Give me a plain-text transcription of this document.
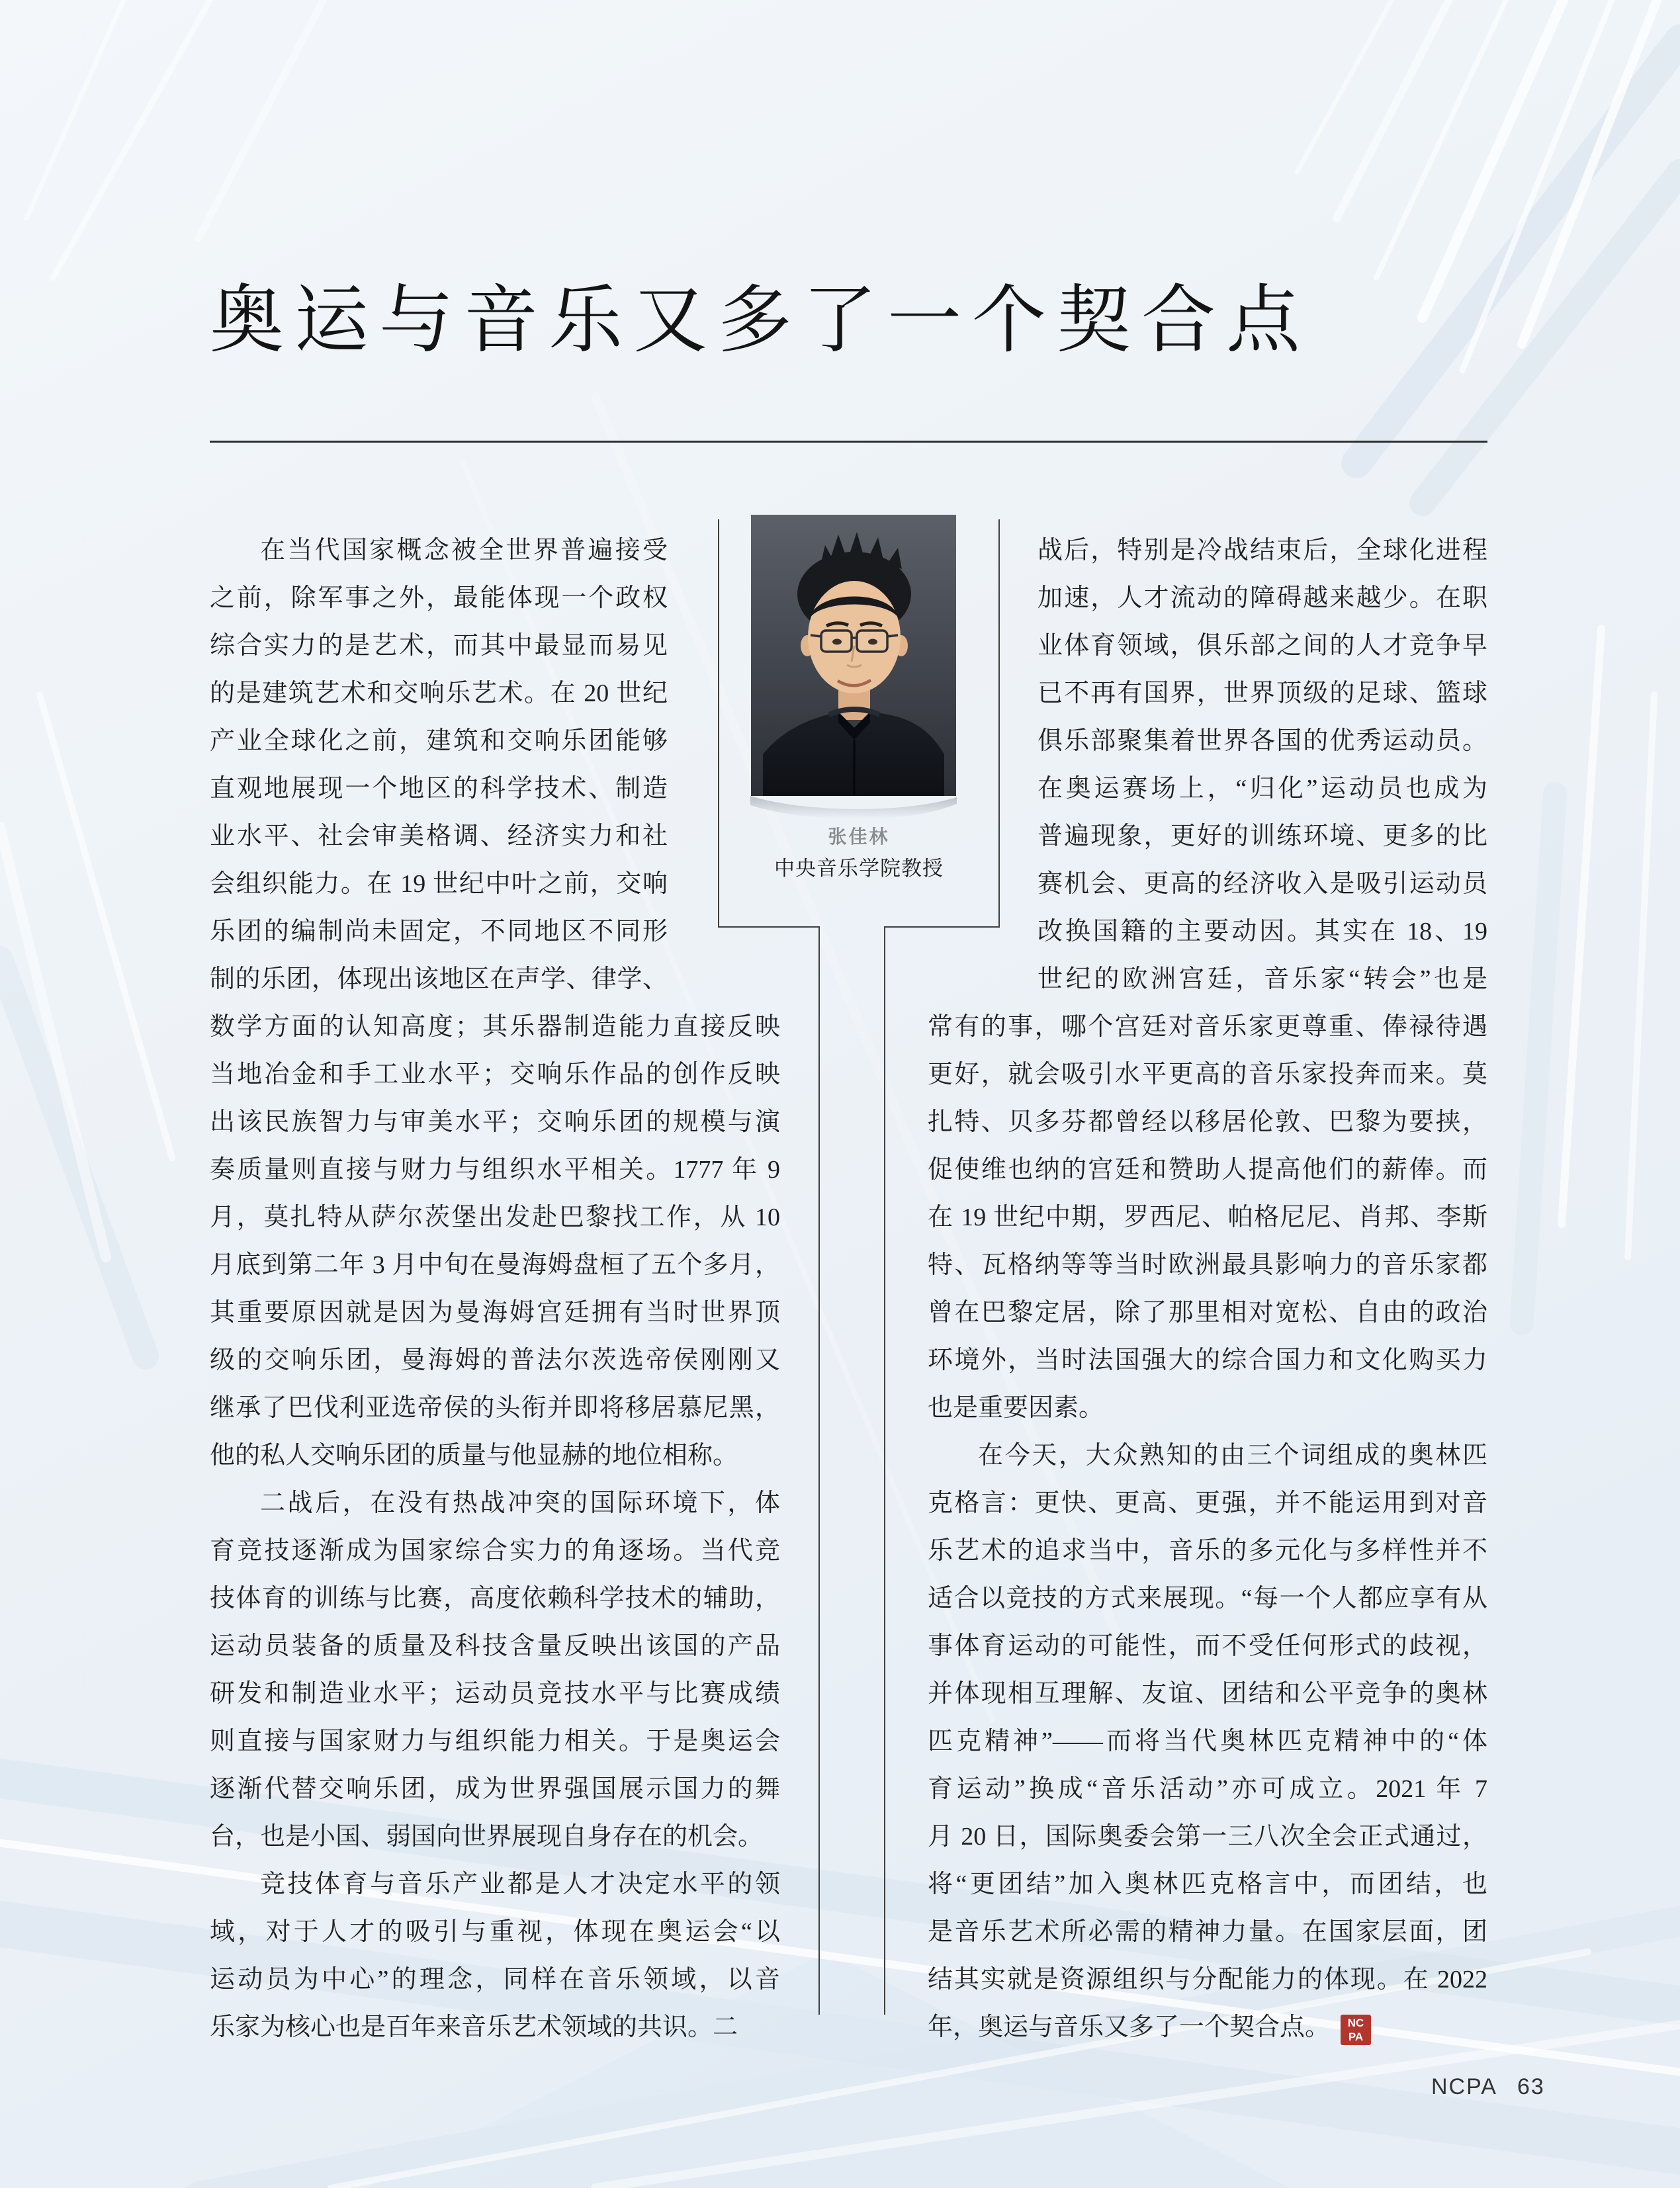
奥运与音乐又多了一个契合点
在当代国家概念被全世界普遍接受
之前，除军事之外，最能体现一个政权
综合实力的是艺术，而其中最显而易见
的是建筑艺术和交响乐艺术。在 20 世纪
产业全球化之前，建筑和交响乐团能够
直观地展现一个地区的科学技术、制造
业水平、社会审美格调、经济实力和社
会组织能力。在 19 世纪中叶之前，交响
乐团的编制尚未固定，不同地区不同形
制的乐团，体现出该地区在声学、律学、
数学方面的认知高度；其乐器制造能力直接反映
当地冶金和手工业水平；交响乐作品的创作反映
出该民族智力与审美水平；交响乐团的规模与演
奏质量则直接与财力与组织水平相关。1777 年 9
月，莫扎特从萨尔茨堡出发赴巴黎找工作，从 10
月底到第二年 3 月中旬在曼海姆盘桓了五个多月，
其重要原因就是因为曼海姆宫廷拥有当时世界顶
级的交响乐团，曼海姆的普法尔茨选帝侯刚刚又
继承了巴伐利亚选帝侯的头衔并即将移居慕尼黑，
他的私人交响乐团的质量与他显赫的地位相称。
二战后，在没有热战冲突的国际环境下，体
育竞技逐渐成为国家综合实力的角逐场。当代竞
技体育的训练与比赛，高度依赖科学技术的辅助，
运动员装备的质量及科技含量反映出该国的产品
研发和制造业水平；运动员竞技水平与比赛成绩
则直接与国家财力与组织能力相关。于是奥运会
逐渐代替交响乐团，成为世界强国展示国力的舞
台，也是小国、弱国向世界展现自身存在的机会。
竞技体育与音乐产业都是人才决定水平的领
域，对于人才的吸引与重视，体现在奥运会“以
运动员为中心”的理念，同样在音乐领域，以音
乐家为核心也是百年来音乐艺术领域的共识。二
战后，特别是冷战结束后，全球化进程
加速，人才流动的障碍越来越少。在职
业体育领域，俱乐部之间的人才竞争早
已不再有国界，世界顶级的足球、篮球
俱乐部聚集着世界各国的优秀运动员。
在奥运赛场上，“归化”运动员也成为
普遍现象，更好的训练环境、更多的比
赛机会、更高的经济收入是吸引运动员
改换国籍的主要动因。其实在 18、19
世纪的欧洲宫廷，音乐家“转会”也是
常有的事，哪个宫廷对音乐家更尊重、俸禄待遇
更好，就会吸引水平更高的音乐家投奔而来。莫
扎特、贝多芬都曾经以移居伦敦、巴黎为要挟，
促使维也纳的宫廷和赞助人提高他们的薪俸。而
在 19 世纪中期，罗西尼、帕格尼尼、肖邦、李斯
特、瓦格纳等等当时欧洲最具影响力的音乐家都
曾在巴黎定居，除了那里相对宽松、自由的政治
环境外，当时法国强大的综合国力和文化购买力
也是重要因素。
在今天，大众熟知的由三个词组成的奥林匹
克格言：更快、更高、更强，并不能运用到对音
乐艺术的追求当中，音乐的多元化与多样性并不
适合以竞技的方式来展现。“每一个人都应享有从
事体育运动的可能性，而不受任何形式的歧视，
并体现相互理解、友谊、团结和公平竞争的奥林
匹克精神”——而将当代奥林匹克精神中的“体
育运动”换成“音乐活动”亦可成立。2021 年 7
月 20 日，国际奥委会第一三八次全会正式通过，
将“更团结”加入奥林匹克格言中，而团结，也
是音乐艺术所必需的精神力量。在国家层面，团
结其实就是资源组织与分配能力的体现。在 2022
年，奥运与音乐又多了一个契合点。	NC
PA
张佳林
中央音乐学院教授
NCPA 63
